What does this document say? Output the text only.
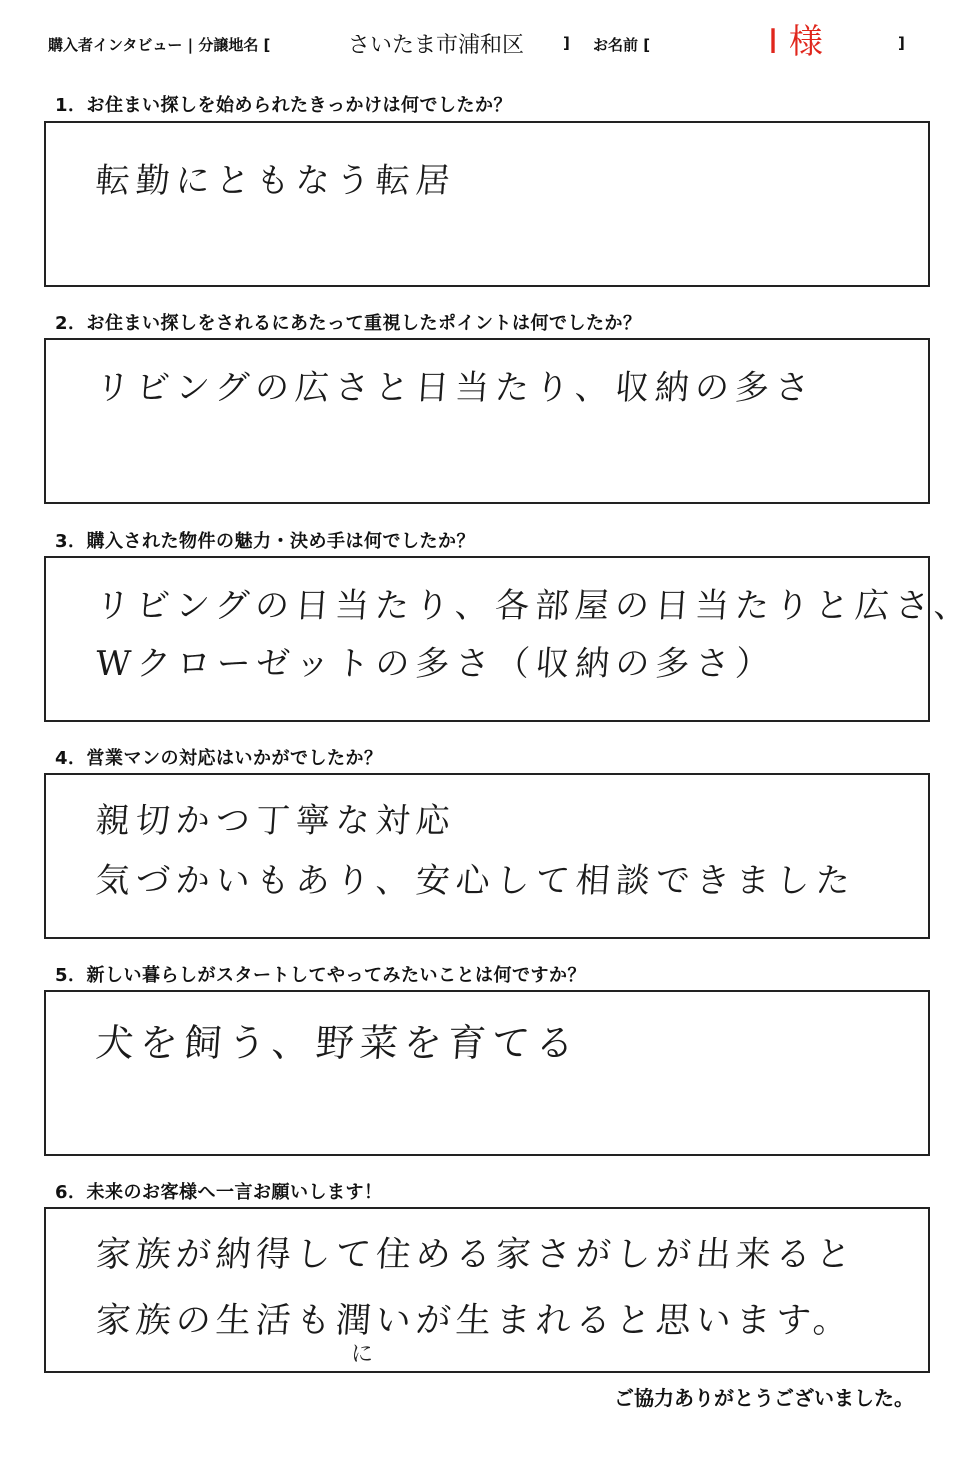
購入者インタビュー | 分譲地名 [	さいたま市浦和区	] お名前 [	I 様	]
1．お住まい探しを始められたきっかけは何でしたか？
転勤にともなう転居
2．お住まい探しをされるにあたって重視したポイントは何でしたか？
リビングの広さと日当たり、収納の多さ
3．購入された物件の魅力・決め手は何でしたか？
リビングの日当たり、各部屋の日当たりと広さ、
Wクローゼットの多さ（収納の多さ）
4．営業マンの対応はいかがでしたか？
親切かつ丁寧な対応
気づかいもあり、安心して相談できました
5．新しい暮らしがスタートしてやってみたいことは何ですか？
犬を飼う、野菜を育てる
6．未来のお客様へ一言お願いします！
家族が納得して住める家さがしが出来ると
家族の生活も潤いが生まれると思います。
に
ご協力ありがとうございました。
